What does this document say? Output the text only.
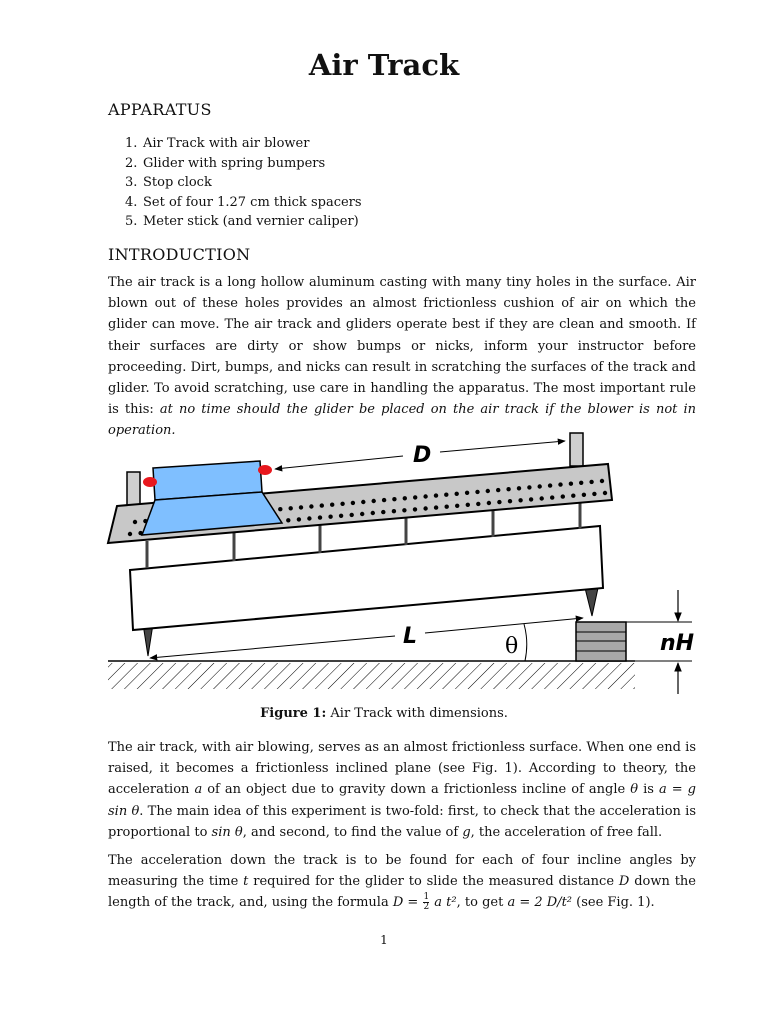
Air Track
APPARATUS
1. Air Track with air blower
2. Glider with spring bumpers
3. Stop clock
4. Set of four 1.27 cm thick spacers
5. Meter stick (and vernier caliper)
INTRODUCTION

The air track is a long hollow aluminum casting with many tiny holes in the surface. Air blown out of these holes provides an almost frictionless cushion of air on which the glider can move. The air track and gliders operate best if they are clean and smooth. If their surfaces are dirty or show bumps or nicks, inform your instructor before proceeding. Dirt, bumps, and nicks can result in scratching the surfaces of the track and glider. To avoid scratching, use care in handling the apparatus. The most important rule is this: at no time should the glider be placed on the air track if the blower is not in operation.

D
L	θ	nH

Figure 1: Air Track with dimensions.

The air track, with air blowing, serves as an almost frictionless surface. When one end is raised, it becomes a frictionless inclined plane (see Fig. 1). According to theory, the acceleration a of an object due to gravity down a frictionless incline of angle θ is a = g sin θ. The main idea of this experiment is two-fold: first, to check that the acceleration is proportional to sin θ, and second, to find the value of g, the acceleration of free fall.

The acceleration down the track is to be found for each of four incline angles by measuring the time t required for the glider to slide the measured distance D down the length of the track, and, using the formula $D = \frac{1}{2}$ a t², to get a = 2 D/t² (see Fig. 1).

1
